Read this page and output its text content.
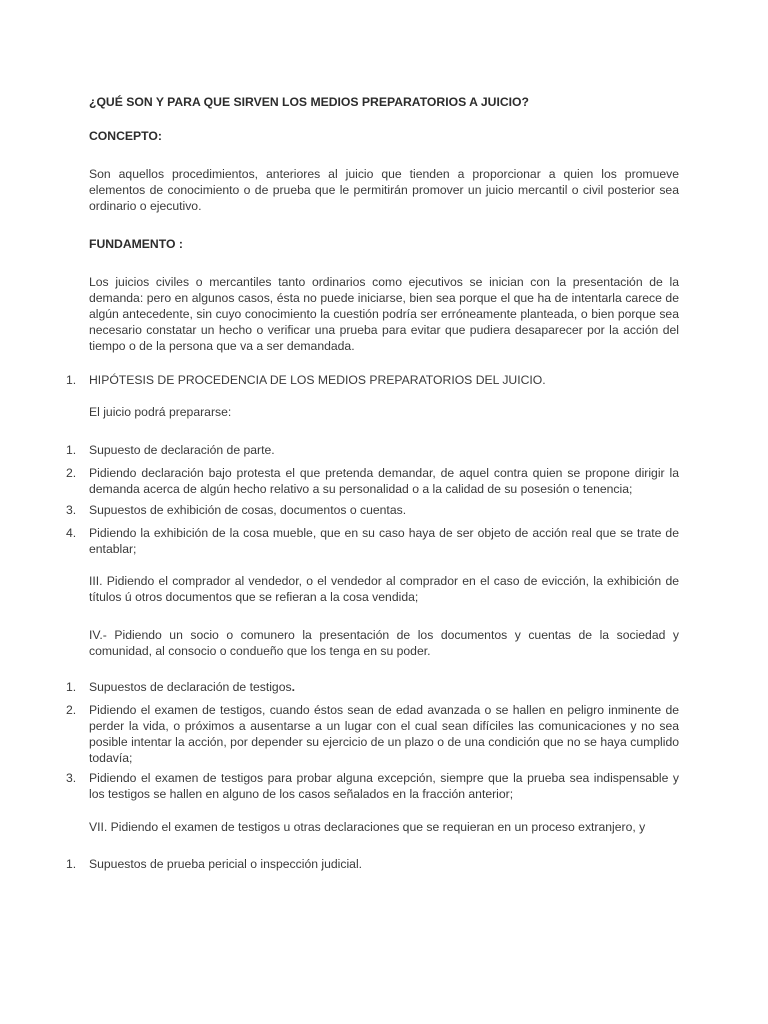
¿QUÉ SON Y PARA QUE SIRVEN LOS MEDIOS PREPARATORIOS A JUICIO?

CONCEPTO:

Son aquellos procedimientos, anteriores al juicio que tienden a proporcionar a quien los promueve elementos de conocimiento o de prueba que le permitirán promover un juicio mercantil o civil posterior sea ordinario o ejecutivo.

FUNDAMENTO :

Los juicios civiles o mercantiles tanto ordinarios como ejecutivos se inician con la presentación de la demanda: pero en algunos casos, ésta no puede iniciarse, bien sea porque el que ha de intentarla carece de algún antecedente, sin cuyo conocimiento la cuestión podría ser erróneamente planteada, o bien porque sea necesario constatar un hecho o verificar una prueba para evitar que pudiera desaparecer por la acción del tiempo o de la persona que va a ser demandada.

1.	HIPÓTESIS DE PROCEDENCIA DE LOS MEDIOS PREPARATORIOS DEL JUICIO.

El juicio podrá prepararse:

1.	Supuesto de declaración de parte.
2.	Pidiendo declaración bajo protesta el que pretenda demandar, de aquel contra quien se propone dirigir la demanda acerca de algún hecho relativo a su personalidad o a la calidad de su posesión o tenencia;
3.	Supuestos de exhibición de cosas, documentos o cuentas.
4.	Pidiendo la exhibición de la cosa mueble, que en su caso haya de ser objeto de acción real que se trate de entablar;

III. Pidiendo el comprador al vendedor, o el vendedor al comprador en el caso de evicción, la exhibición de títulos ú otros documentos que se refieran a la cosa vendida;

IV.- Pidiendo un socio o comunero la presentación de los documentos y cuentas de la sociedad y comunidad, al consocio o condueño que los tenga en su poder.

1.	Supuestos de declaración de testigos.
2.	Pidiendo el examen de testigos, cuando éstos sean de edad avanzada o se hallen en peligro inminente de perder la vida, o próximos a ausentarse a un lugar con el cual sean difíciles las comunicaciones y no sea posible intentar la acción, por depender su ejercicio de un plazo o de una condición que no se haya cumplido todavía;
3.	Pidiendo el examen de testigos para probar alguna excepción, siempre que la prueba sea indispensable y los testigos se hallen en alguno de los casos señalados en la fracción anterior;

VII. Pidiendo el examen de testigos u otras declaraciones que se requieran en un proceso extranjero, y

1.	Supuestos de prueba pericial o inspección judicial.
